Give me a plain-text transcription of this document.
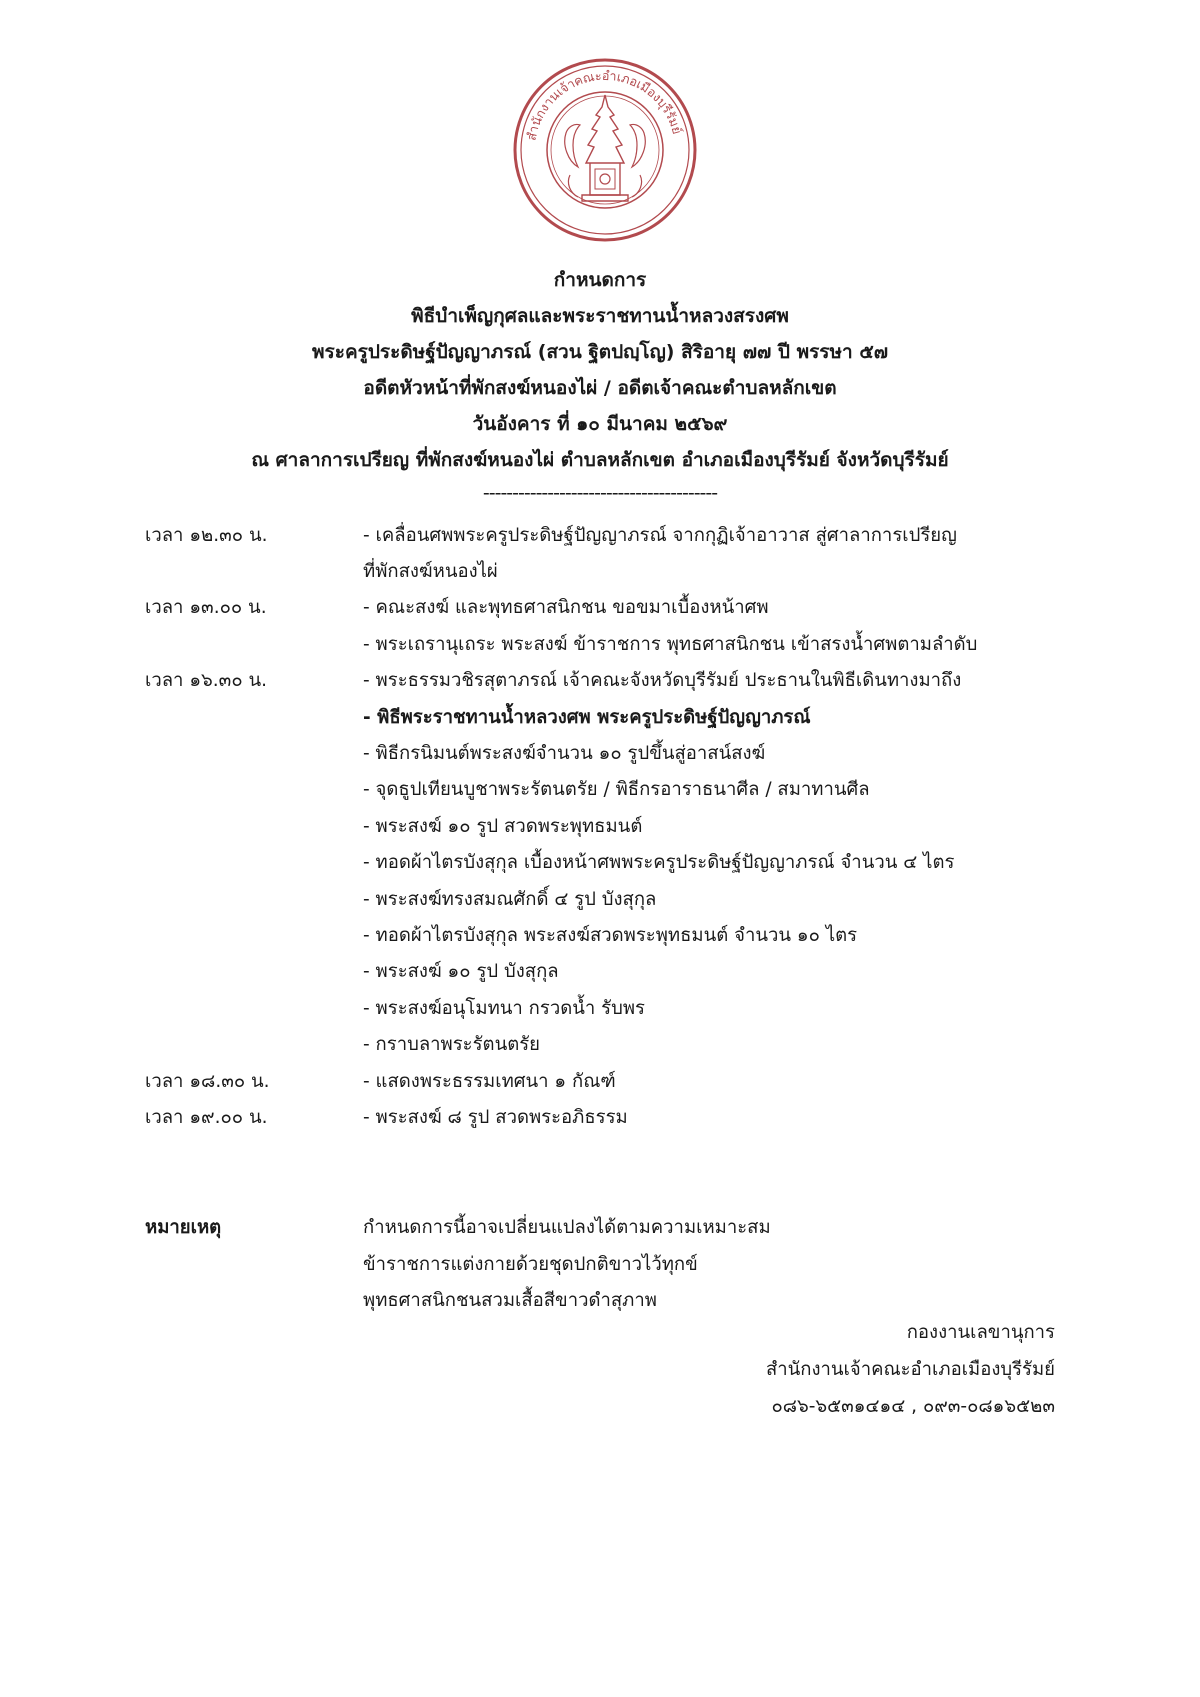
สำนักงานเจ้าคณะอำเภอเมืองบุรีรัมย์
กำหนดการ
พิธีบำเพ็ญกุศลและพระราชทานน้ำหลวงสรงศพ
พระครูประดิษฐ์ปัญญาภรณ์ (สวน ฐิตปญฺโญ) สิริอายุ ๗๗ ปี พรรษา ๕๗
อดีตหัวหน้าที่พักสงฆ์หนองไผ่ / อดีตเจ้าคณะตำบลหลักเขต
วันอังคาร ที่ ๑๐ มีนาคม ๒๕๖๙
ณ ศาลาการเปรียญ ที่พักสงฆ์หนองไผ่ ตำบลหลักเขต อำเภอเมืองบุรีรัมย์ จังหวัดบุรีรัมย์
----------------------------------------
เวลา ๑๒.๓๐ น.	- เคลื่อนศพพระครูประดิษฐ์ปัญญาภรณ์ จากกุฏิเจ้าอาวาส สู่ศาลาการเปรียญ
ที่พักสงฆ์หนองไผ่
เวลา ๑๓.๐๐ น.	- คณะสงฆ์ และพุทธศาสนิกชน ขอขมาเบื้องหน้าศพ
- พระเถรานุเถระ พระสงฆ์ ข้าราชการ พุทธศาสนิกชน เข้าสรงน้ำศพตามลำดับ
เวลา ๑๖.๓๐ น.	- พระธรรมวชิรสุตาภรณ์ เจ้าคณะจังหวัดบุรีรัมย์ ประธานในพิธีเดินทางมาถึง
- พิธีพระราชทานน้ำหลวงศพ พระครูประดิษฐ์ปัญญาภรณ์
- พิธีกรนิมนต์พระสงฆ์จำนวน ๑๐ รูปขึ้นสู่อาสน์สงฆ์
- จุดธูปเทียนบูชาพระรัตนตรัย / พิธีกรอาราธนาศีล / สมาทานศีล
- พระสงฆ์ ๑๐ รูป สวดพระพุทธมนต์
- ทอดผ้าไตรบังสุกุล เบื้องหน้าศพพระครูประดิษฐ์ปัญญาภรณ์ จำนวน ๔ ไตร
- พระสงฆ์ทรงสมณศักดิ์ ๔ รูป บังสุกุล
- ทอดผ้าไตรบังสุกุล พระสงฆ์สวดพระพุทธมนต์ จำนวน ๑๐ ไตร
- พระสงฆ์ ๑๐ รูป บังสุกุล
- พระสงฆ์อนุโมทนา กรวดน้ำ รับพร
- กราบลาพระรัตนตรัย
เวลา ๑๘.๓๐ น.	- แสดงพระธรรมเทศนา ๑ กัณฑ์
เวลา ๑๙.๐๐ น.	- พระสงฆ์ ๘ รูป สวดพระอภิธรรม
หมายเหตุ	กำหนดการนี้อาจเปลี่ยนแปลงได้ตามความเหมาะสม
ข้าราชการแต่งกายด้วยชุดปกติขาวไว้ทุกข์
พุทธศาสนิกชนสวมเสื้อสีขาวดำสุภาพ
กองงานเลขานุการ
สำนักงานเจ้าคณะอำเภอเมืองบุรีรัมย์
๐๘๖-๖๕๓๑๔๑๔ , ๐๙๓-๐๘๑๖๕๒๓
